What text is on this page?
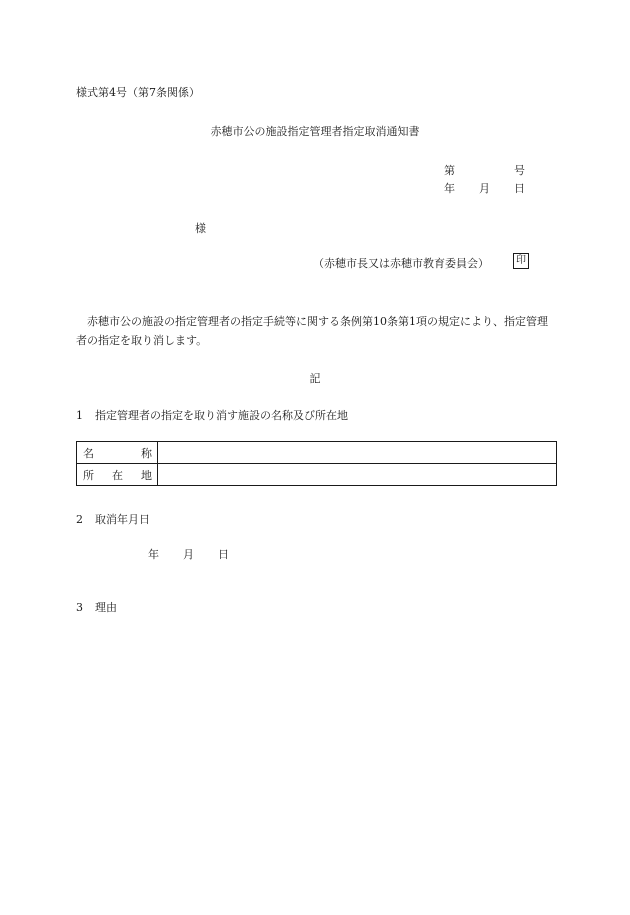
様式第4号（第7条関係）
赤穂市公の施設指定管理者指定取消通知書
第	号
年 月 日
様
（赤穂市長又は赤穂市教育委員会）	印
赤穂市公の施設の指定管理者の指定手続等に関する条例第10条第1項の規定により、指定管理者の指定を取り消します。
記
1 指定管理者の指定を取り消す施設の名称及び所在地
名 称	

所 在 地	

2 取消年月日
年 月 日
3 理由
